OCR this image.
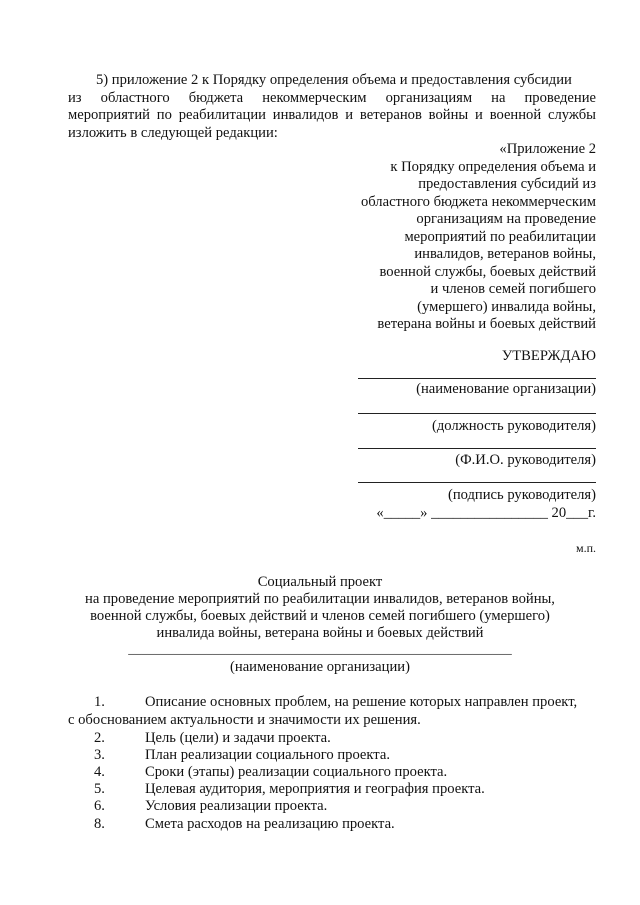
5) приложение 2 к Порядку определения объема и предоставления субсидии
из областного бюджета некоммерческим организациям на проведение
мероприятий по реабилитации инвалидов и ветеранов войны и военной службы
изложить в следующей редакции:
«Приложение 2
к Порядку определения объема и
предоставления субсидий из
областного бюджета некоммерческим
организациям на проведение
мероприятий по реабилитации
инвалидов, ветеранов войны,
военной службы, боевых действий
и членов семей погибшего
(умершего) инвалида войны,
ветерана войны и боевых действий
УТВЕРЖДАЮ
(наименование организации)
(должность руководителя)
(Ф.И.О. руководителя)
(подпись руководителя)
«_____» ________________ 20___г.
м.п.
Социальный проект
на проведение мероприятий по реабилитации инвалидов, ветеранов войны,
военной службы, боевых действий и членов семей погибшего (умершего)
инвалида войны, ветерана войны и боевых действий
___________________________________________________________
(наименование организации)
1.	Описание основных проблем, на решение которых направлен проект,
с обоснованием актуальности и значимости их решения.
2.	Цель (цели) и задачи проекта.
3.	План реализации социального проекта.
4.	Сроки (этапы) реализации социального проекта.
5.	Целевая аудитория, мероприятия и география проекта.
6.	Условия реализации проекта.
8.	Смета расходов на реализацию проекта.
